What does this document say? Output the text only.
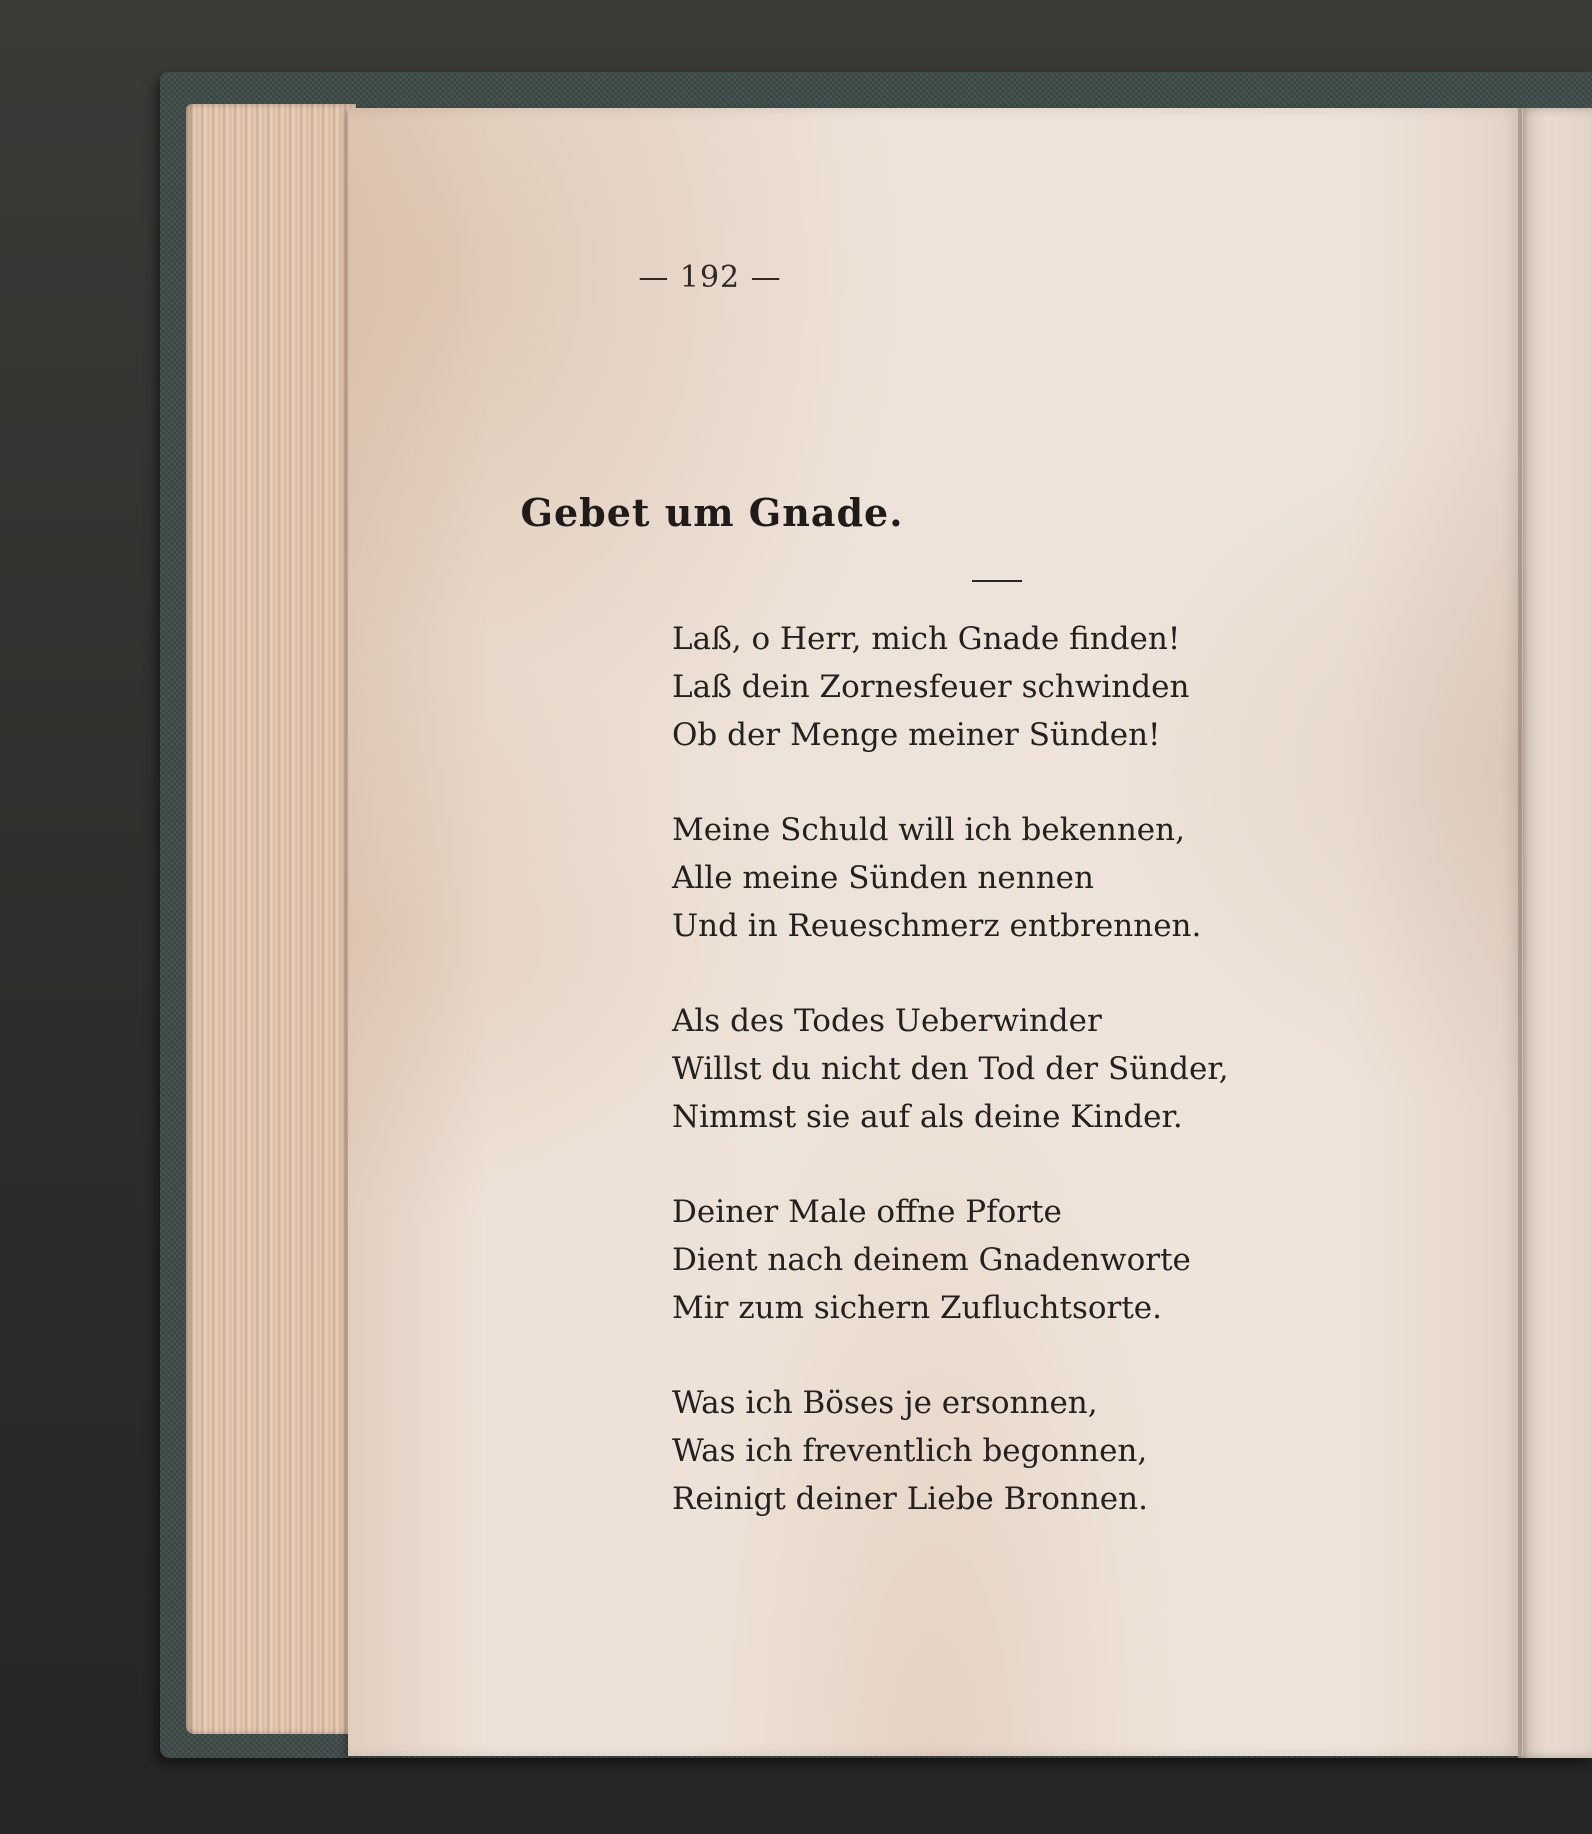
— 192 —
Gebet um Gnade.
Laß, o Herr, mich Gnade finden!
Laß dein Zornesfeuer schwinden
Ob der Menge meiner Sünden!
Meine Schuld will ich bekennen,
Alle meine Sünden nennen
Und in Reueschmerz entbrennen.
Als des Todes Ueberwinder
Willst du nicht den Tod der Sünder,
Nimmst sie auf als deine Kinder.
Deiner Male offne Pforte
Dient nach deinem Gnadenworte
Mir zum sichern Zufluchtsorte.
Was ich Böses je ersonnen,
Was ich freventlich begonnen,
Reinigt deiner Liebe Bronnen.
